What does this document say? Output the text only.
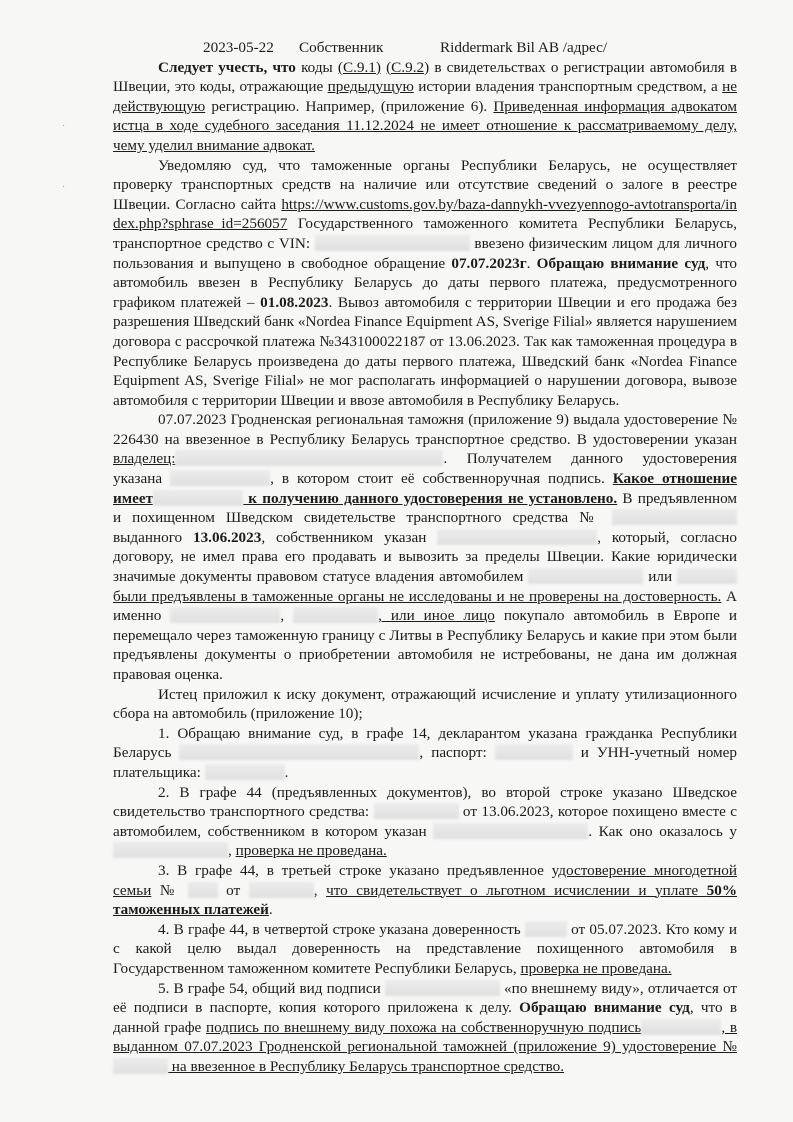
·
·
2023-05-22 Собственник	Riddermark Bil AB /адрес/

Следует учесть, что коды (C.9.1) (C.9.2) в свидетельствах о регистрации автомобиля в Швеции, это коды, отражающие предыдущую истории владения транспортным средством, а не действующую регистрацию. Например, (приложение 6). Приведенная информация адвокатом истца в ходе судебного заседания 11.12.2024 не имеет отношение к рассматриваемому делу, чему уделил внимание адвокат.

Уведомляю суд, что таможенные органы Республики Беларусь, не осуществляет проверку транспортных средств на наличие или отсутствие сведений о залоге в реестре Швеции. Согласно сайта https://www.customs.gov.by/baza-dannykh-vvezyennogo-avtotransporta/index.php?sphrase_id=256057 Государственного таможенного комитета Республики Беларусь, транспортное средство с VIN:	ввезено физическим лицом для личного пользования и выпущено в свободное обращение 07.07.2023г. Обращаю внимание суд, что автомобиль ввезен в Республику Беларусь до даты первого платежа, предусмотренного графиком платежей – 01.08.2023. Вывоз автомобиля с территории Швеции и его продажа без разрешения Шведский банк «Nordea Finance Equipment AS, Sverige Filial» является нарушением договора с рассрочкой платежа №343100022187 от 13.06.2023. Так как таможенная процедура в Республике Беларусь произведена до даты первого платежа, Шведский банк «Nordea Finance Equipment AS, Sverige Filial» не мог располагать информацией о нарушении договора, вывозе автомобиля с территории Швеции и ввозе автомобиля в Республику Беларусь.

07.07.2023 Гродненская региональная таможня (приложение 9) выдала удостоверение № 226430 на ввезенное в Республику Беларусь транспортное средство. В удостоверении указан владелец:	. Получателем данного удостоверения указана	, в котором стоит её собственноручная подпись. Какое отношение имеет	к получению данного удостоверения не установлено. В предъявленном и похищенном Шведском свидетельстве транспортного средства №  выданного 13.06.2023, собственником указан	, который, согласно договору, не имел права его продавать и вывозить за пределы Швеции. Какие юридически значимые документы правовом статусе владения автомобилем	или  были предъявлены в таможенные органы не исследованы и не проверены на достоверность. А именно	,	, или иное лицо покупало автомобиль в Европе и перемещало через таможенную границу с Литвы в Республику Беларусь и какие при этом были предъявлены документы о приобретении автомобиля не истребованы, не дана им должная правовая оценка.

Истец приложил к иску документ, отражающий исчисление и уплату утилизационного сбора на автомобиль (приложение 10);

1. Обращаю внимание суд, в графе 14, декларантом указана гражданка Республики Беларусь	, паспорт:	и УНН-учетный номер плательщика:	.

2. В графе 44 (предъявленных документов), во второй строке указано Шведское свидетельство транспортного средства:	от 13.06.2023, которое похищено вместе с автомобилем, собственником в котором указан	. Как оно оказалось у , проверка не проведана.

3. В графе 44, в третьей строке указано предъявленное удостоверение многодетной семьи №  от	, что свидетельствует о льготном исчислении и уплате 50% таможенных платежей.

4. В графе 44, в четвертой строке указана доверенность	от 05.07.2023. Кто кому и с какой целю выдал доверенность на представление похищенного автомобиля в Государственном таможенном комитете Республики Беларусь, проверка не проведана.

5. В графе 54, общий вид подписи	«по внешнему виду», отличается от её подписи в паспорте, копия которого приложена к делу. Обращаю внимание суд, что в данной графе подпись по внешнему виду похожа на собственноручную подпись	, в выданном 07.07.2023 Гродненской региональной таможней (приложение 9) удостоверение № на ввезенное в Республику Беларусь транспортное средство.
